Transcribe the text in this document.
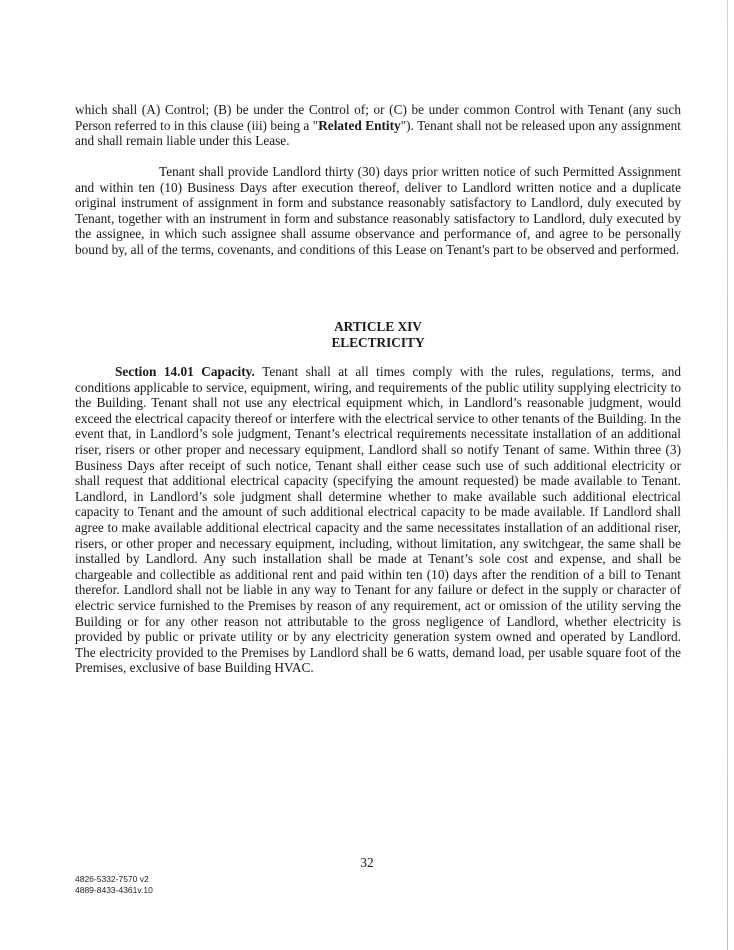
which shall (A) Control; (B) be under the Control of; or (C) be under common Control with Tenant (any such Person referred to in this clause (iii) being a "Related Entity"). Tenant shall not be released upon any assignment and shall remain liable under this Lease.

Tenant shall provide Landlord thirty (30) days prior written notice of such Permitted Assignment and within ten (10) Business Days after execution thereof, deliver to Landlord written notice and a duplicate original instrument of assignment in form and substance reasonably satisfactory to Landlord, duly executed by Tenant, together with an instrument in form and substance reasonably satisfactory to Landlord, duly executed by the assignee, in which such assignee shall assume observance and performance of, and agree to be personally bound by, all of the terms, covenants, and conditions of this Lease on Tenant's part to be observed and performed.

ARTICLE XIV
ELECTRICITY

Section 14.01 Capacity. Tenant shall at all times comply with the rules, regulations, terms, and conditions applicable to service, equipment, wiring, and requirements of the public utility supplying electricity to the Building. Tenant shall not use any electrical equipment which, in Landlord’s reasonable judgment, would exceed the electrical capacity thereof or interfere with the electrical service to other tenants of the Building. In the event that, in Landlord’s sole judgment, Tenant’s electrical requirements necessitate installation of an additional riser, risers or other proper and necessary equipment, Landlord shall so notify Tenant of same. Within three (3) Business Days after receipt of such notice, Tenant shall either cease such use of such additional electricity or shall request that additional electrical capacity (specifying the amount requested) be made available to Tenant. Landlord, in Landlord’s sole judgment shall determine whether to make available such additional electrical capacity to Tenant and the amount of such additional electrical capacity to be made available. If Landlord shall agree to make available additional electrical capacity and the same necessitates installation of an additional riser, risers, or other proper and necessary equipment, including, without limitation, any switchgear, the same shall be installed by Landlord. Any such installation shall be made at Tenant’s sole cost and expense, and shall be chargeable and collectible as additional rent and paid within ten (10) days after the rendition of a bill to Tenant therefor. Landlord shall not be liable in any way to Tenant for any failure or defect in the supply or character of electric service furnished to the Premises by reason of any requirement, act or omission of the utility serving the Building or for any other reason not attributable to the gross negligence of Landlord, whether electricity is provided by public or private utility or by any electricity generation system owned and operated by Landlord. The electricity provided to the Premises by Landlord shall be 6 watts, demand load, per usable square foot of the Premises, exclusive of base Building HVAC.

32
4826-5332-7570 v2
4889-8433-4361v.10
